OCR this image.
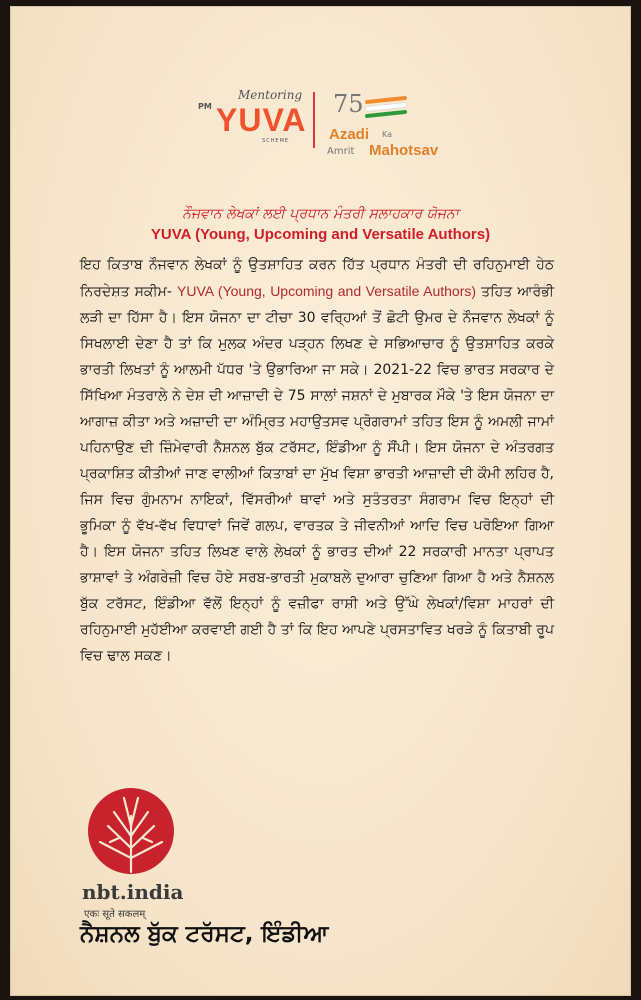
Mentoring
PM YUVA
SCHEME
75
Azadi Ka
Amrit Mahotsav
ਨੌਜਵਾਨ ਲੇਖਕਾਂ ਲਈ ਪ੍ਰਧਾਨ ਮੰਤਰੀ ਸਲਾਹਕਾਰ ਯੋਜਨਾ
YUVA (Young, Upcoming and Versatile Authors)
ਇਹ ਕਿਤਾਬ ਨੌਜਵਾਨ ਲੇਖਕਾਂ ਨੂੰ ਉਤਸ਼ਾਹਿਤ ਕਰਨ ਹਿੱਤ ਪ੍ਰਧਾਨ ਮੰਤਰੀ ਦੀ ਰਹਿਨੁਮਾਈ ਹੇਠ ਨਿਰਦੇਸ਼ਤ ਸਕੀਮ- YUVA (Young, Upcoming and Versatile Authors) ਤਹਿਤ ਆਰੰਭੀ ਲੜੀ ਦਾ ਹਿੱਸਾ ਹੈ। ਇਸ ਯੋਜਨਾ ਦਾ ਟੀਚਾ 30 ਵਰ੍ਹਿਆਂ ਤੋਂ ਛੋਟੀ ਉਮਰ ਦੇ ਨੌਜਵਾਨ ਲੇਖਕਾਂ ਨੂੰ ਸਿਖਲਾਈ ਦੇਣਾ ਹੈ ਤਾਂ ਕਿ ਮੁਲਕ ਅੰਦਰ ਪੜ੍ਹਨ ਲਿਖਣ ਦੇ ਸਭਿਆਚਾਰ ਨੂੰ ਉਤਸ਼ਾਹਿਤ ਕਰਕੇ ਭਾਰਤੀ ਲਿਖਤਾਂ ਨੂੰ ਆਲਮੀ ਪੱਧਰ 'ਤੇ ਉਭਾਰਿਆ ਜਾ ਸਕੇ। 2021-22 ਵਿਚ ਭਾਰਤ ਸਰਕਾਰ ਦੇ ਸਿੱਖਿਆ ਮੰਤਰਾਲੇ ਨੇ ਦੇਸ਼ ਦੀ ਆਜ਼ਾਦੀ ਦੇ 75 ਸਾਲਾਂ ਜਸ਼ਨਾਂ ਦੇ ਮੁਬਾਰਕ ਮੌਕੇ 'ਤੇ ਇਸ ਯੋਜਨਾ ਦਾ ਆਗਾਜ਼ ਕੀਤਾ ਅਤੇ ਅਜ਼ਾਦੀ ਦਾ ਅੰਮ੍ਰਿਤ ਮਹਾਉਤਸਵ ਪ੍ਰੋਗਰਾਮਾਂ ਤਹਿਤ ਇਸ ਨੂੰ ਅਮਲੀ ਜਾਮਾਂ ਪਹਿਨਾਉਣ ਦੀ ਜ਼ਿੰਮੇਵਾਰੀ ਨੈਸ਼ਨਲ ਬੁੱਕ ਟਰੱਸਟ, ਇੰਡੀਆ ਨੂੰ ਸੌਂਪੀ। ਇਸ ਯੋਜਨਾ ਦੇ ਅੰਤਰਗਤ ਪ੍ਰਕਾਸ਼ਿਤ ਕੀਤੀਆਂ ਜਾਣ ਵਾਲੀਆਂ ਕਿਤਾਬਾਂ ਦਾ ਮੁੱਖ ਵਿਸ਼ਾ ਭਾਰਤੀ ਆਜ਼ਾਦੀ ਦੀ ਕੌਮੀ ਲਹਿਰ ਹੈ, ਜਿਸ ਵਿਚ ਗੁੰਮਨਾਮ ਨਾਇਕਾਂ, ਵਿੱਸਰੀਆਂ ਥਾਵਾਂ ਅਤੇ ਸੁਤੰਤਰਤਾ ਸੰਗਰਾਮ ਵਿਚ ਇਨ੍ਹਾਂ ਦੀ ਭੂਮਿਕਾ ਨੂੰ ਵੱਖ-ਵੱਖ ਵਿਧਾਵਾਂ ਜਿਵੇਂ ਗਲਪ, ਵਾਰਤਕ ਤੇ ਜੀਵਨੀਆਂ ਆਦਿ ਵਿਚ ਪਰੋਇਆ ਗਿਆ ਹੈ। ਇਸ ਯੋਜਨਾ ਤਹਿਤ ਲਿਖਣ ਵਾਲੇ ਲੇਖਕਾਂ ਨੂੰ ਭਾਰਤ ਦੀਆਂ 22 ਸਰਕਾਰੀ ਮਾਨਤਾ ਪ੍ਰਾਪਤ ਭਾਸ਼ਾਵਾਂ ਤੇ ਅੰਗਰੇਜ਼ੀ ਵਿਚ ਹੋਏ ਸਰਬ-ਭਾਰਤੀ ਮੁਕਾਬਲੇ ਦੁਆਰਾ ਚੁਣਿਆ ਗਿਆ ਹੈ ਅਤੇ ਨੈਸ਼ਨਲ ਬੁੱਕ ਟਰੱਸਟ, ਇੰਡੀਆ ਵੱਲੋਂ ਇਨ੍ਹਾਂ ਨੂੰ ਵਜ਼ੀਫਾ ਰਾਸ਼ੀ ਅਤੇ ਉੱਘੇ ਲੇਖਕਾਂ/ਵਿਸ਼ਾ ਮਾਹਰਾਂ ਦੀ ਰਹਿਨੁਮਾਈ ਮੁਹੱਈਆ ਕਰਵਾਈ ਗਈ ਹੈ ਤਾਂ ਕਿ ਇਹ ਆਪਣੇ ਪ੍ਰਸਤਾਵਿਤ ਖਰੜੇ ਨੂੰ ਕਿਤਾਬੀ ਰੂਪ ਵਿਚ ਢਾਲ ਸਕਣ।
nbt.india
एकः सूते सकलम्
ਨੈਸ਼ਨਲ ਬੁੱਕ ਟਰੱਸਟ, ਇੰਡੀਆ
